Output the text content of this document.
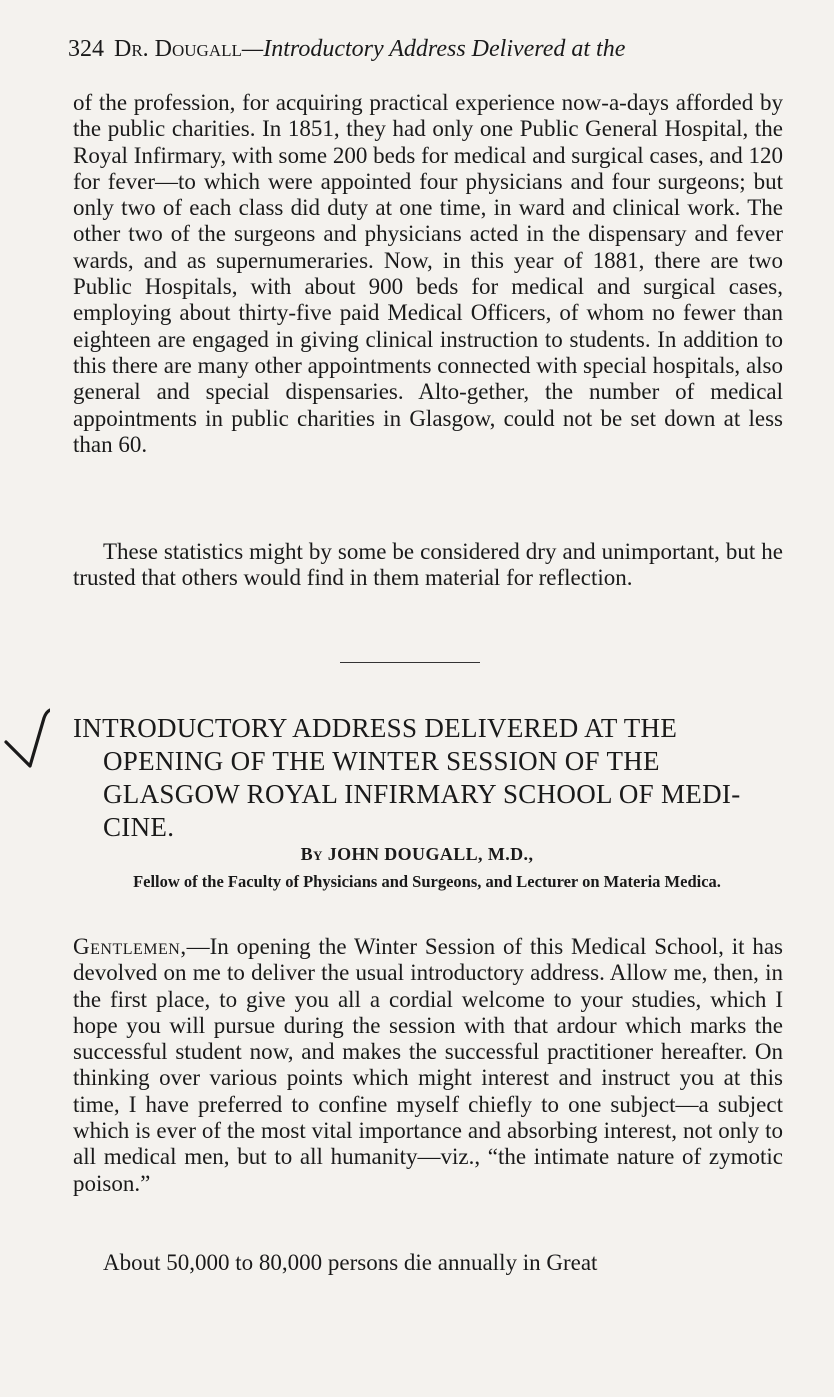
324 Dr. Dougall—Introductory Address Delivered at the

of the profession, for acquiring practical experience now-a-days afforded by the public charities. In 1851, they had only one Public General Hospital, the Royal Infirmary, with some 200 beds for medical and surgical cases, and 120 for fever—to which were appointed four physicians and four surgeons; but only two of each class did duty at one time, in ward and clinical work. The other two of the surgeons and physicians acted in the dispensary and fever wards, and as supernumeraries. Now, in this year of 1881, there are two Public Hospitals, with about 900 beds for medical and surgical cases, employing about thirty-five paid Medical Officers, of whom no fewer than eighteen are engaged in giving clinical instruction to students. In addition to this there are many other appointments connected with special hospitals, also general and special dispensaries. Alto-gether, the number of medical appointments in public charities in Glasgow, could not be set down at less than 60.

These statistics might by some be considered dry and unimportant, but he trusted that others would find in them material for reflection.

INTRODUCTORY ADDRESS DELIVERED AT THE
OPENING OF THE WINTER SESSION OF THE
GLASGOW ROYAL INFIRMARY SCHOOL OF MEDI-
CINE.
By JOHN DOUGALL, M.D.,
Fellow of the Faculty of Physicians and Surgeons, and Lecturer on Materia Medica.

Gentlemen,—In opening the Winter Session of this Medical School, it has devolved on me to deliver the usual introductory address. Allow me, then, in the first place, to give you all a cordial welcome to your studies, which I hope you will pursue during the session with that ardour which marks the successful student now, and makes the successful practitioner hereafter. On thinking over various points which might interest and instruct you at this time, I have preferred to confine myself chiefly to one subject—a subject which is ever of the most vital importance and absorbing interest, not only to all medical men, but to all humanity—viz., “the intimate nature of zymotic poison.”

About 50,000 to 80,000 persons die annually in Great
